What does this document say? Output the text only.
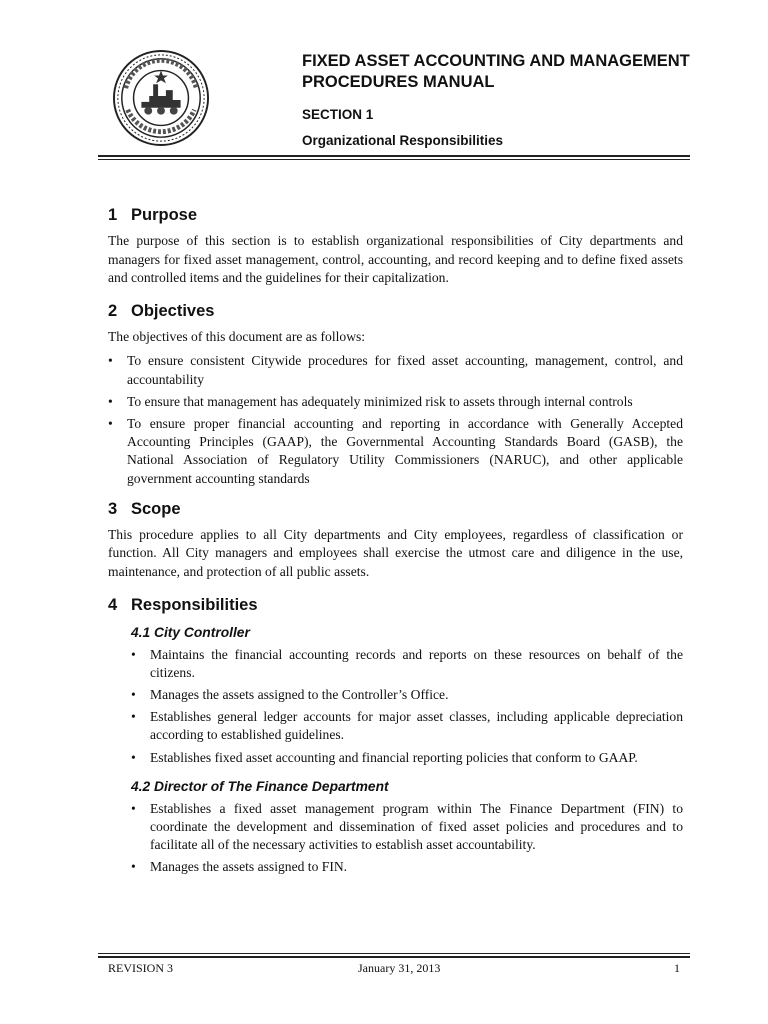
FIXED ASSET ACCOUNTING AND MANAGEMENT PROCEDURES MANUAL
SECTION 1
Organizational Responsibilities
1 Purpose

The purpose of this section is to establish organizational responsibilities of City departments and managers for fixed asset management, control, accounting, and record keeping and to define fixed assets and controlled items and the guidelines for their capitalization.

2 Objectives

The objectives of this document are as follows:

• To ensure consistent Citywide procedures for fixed asset accounting, management, control, and accountability
• To ensure that management has adequately minimized risk to assets through internal controls
• To ensure proper financial accounting and reporting in accordance with Generally Accepted Accounting Principles (GAAP), the Governmental Accounting Standards Board (GASB), the National Association of Regulatory Utility Commissioners (NARUC), and other applicable government accounting standards
3 Scope

This procedure applies to all City departments and City employees, regardless of classification or function. All City managers and employees shall exercise the utmost care and diligence in the use, maintenance, and protection of all public assets.

4 Responsibilities
4.1 City Controller
• Maintains the financial accounting records and reports on these resources on behalf of the citizens.
• Manages the assets assigned to the Controller’s Office.
• Establishes general ledger accounts for major asset classes, including applicable depreciation according to established guidelines.
• Establishes fixed asset accounting and financial reporting policies that conform to GAAP.
4.2 Director of The Finance Department
• Establishes a fixed asset management program within The Finance Department (FIN) to coordinate the development and dissemination of fixed asset policies and procedures and to facilitate all of the necessary activities to establish asset accountability.
• Manages the assets assigned to FIN.
REVISION 3	January 31, 2013	1
